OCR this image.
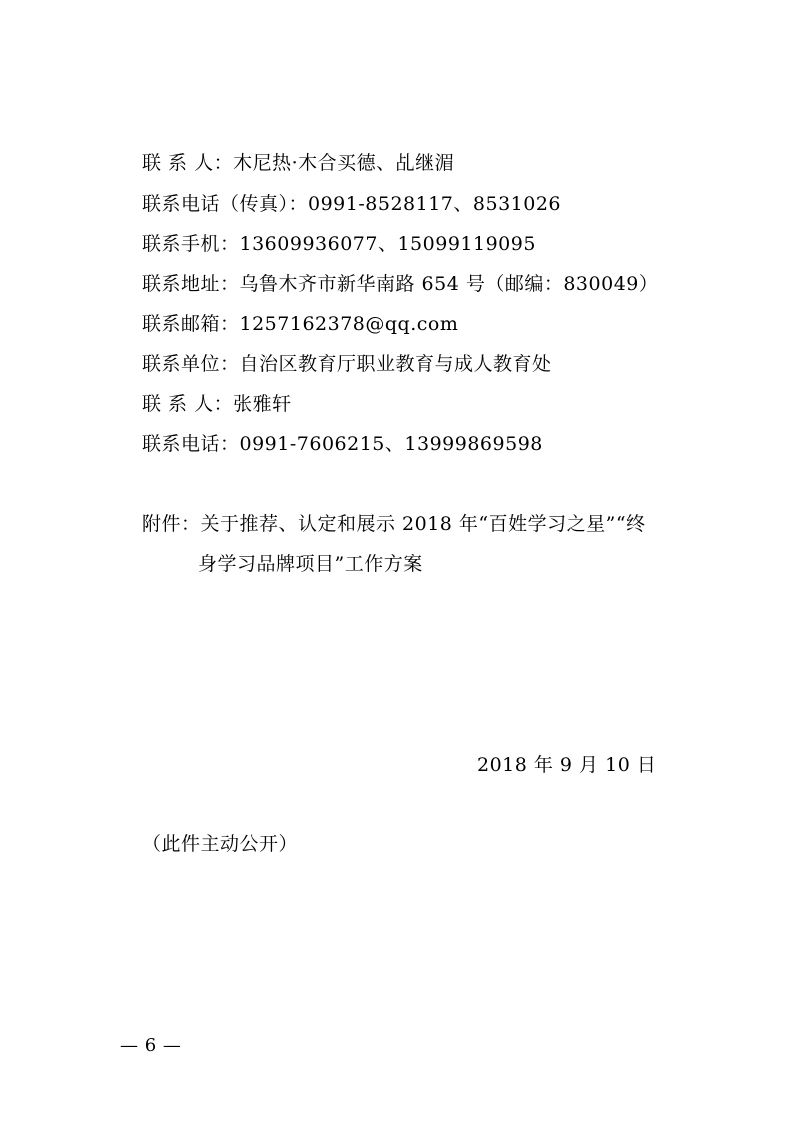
联 系 人：木尼热·木合买德、乩继湄
联系电话（传真）：0991-8528117、8531026
联系手机：13609936077、15099119095
联系地址：乌鲁木齐市新华南路 654 号（邮编：830049）
联系邮箱：1257162378@qq.com
联系单位：自治区教育厅职业教育与成人教育处
联 系 人：张雅轩
联系电话：0991-7606215、13999869598
附件：关于推荐、认定和展示 2018 年“百姓学习之星”“终
身学习品牌项目”工作方案
2018 年 9 月 10 日
（此件主动公开）
— 6 —
